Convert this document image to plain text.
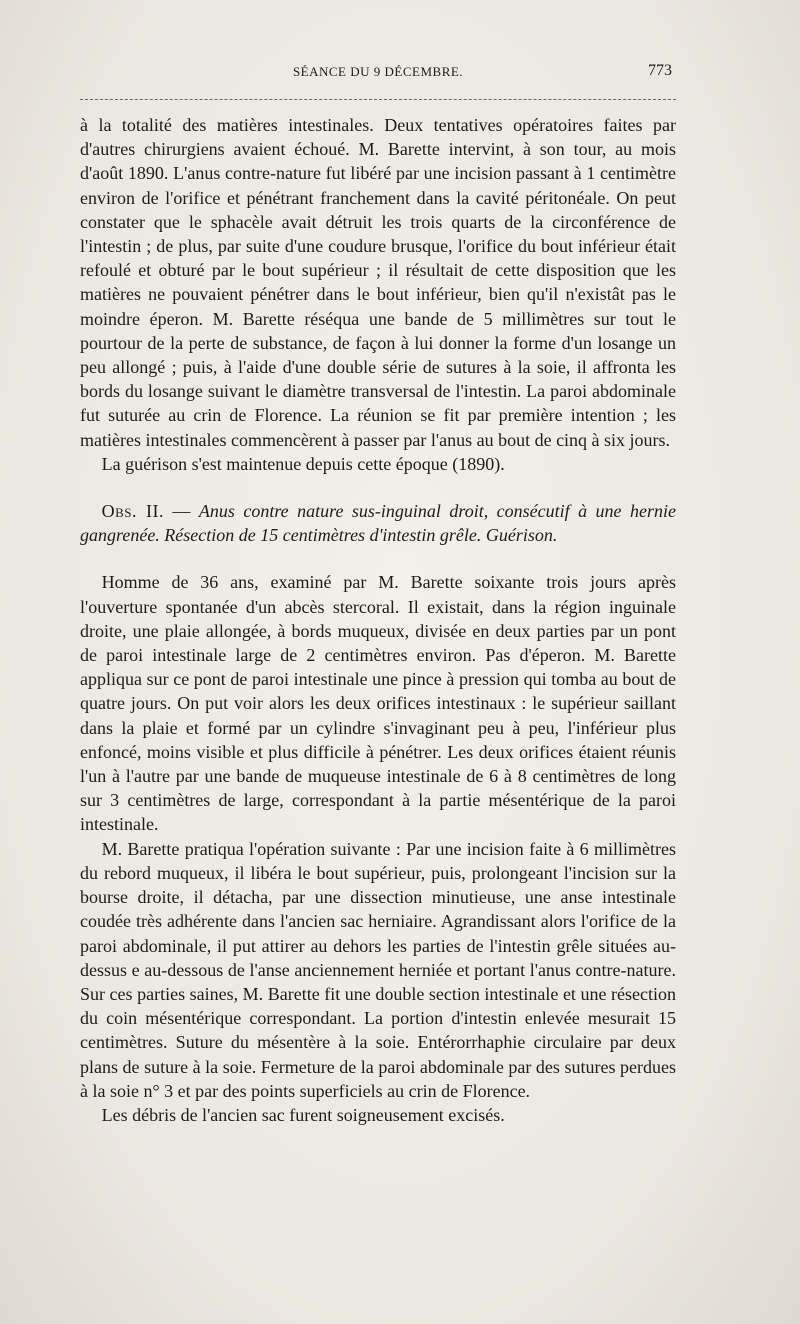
SÉANCE DU 9 DÉCEMBRE.	773

à la totalité des matières intestinales. Deux tentatives opératoires faites par d'autres chirurgiens avaient échoué. M. Barette intervint, à son tour, au mois d'août 1890. L'anus contre-nature fut libéré par une incision passant à 1 centimètre environ de l'orifice et pénétrant franchement dans la cavité péritonéale. On peut constater que le sphacèle avait détruit les trois quarts de la circonférence de l'intestin ; de plus, par suite d'une coudure brusque, l'orifice du bout inférieur était refoulé et obturé par le bout supérieur ; il résultait de cette disposition que les matières ne pouvaient pénétrer dans le bout inférieur, bien qu'il n'existât pas le moindre éperon. M. Barette réséqua une bande de 5 millimètres sur tout le pourtour de la perte de substance, de façon à lui donner la forme d'un losange un peu allongé ; puis, à l'aide d'une double série de sutures à la soie, il affronta les bords du losange suivant le diamètre transversal de l'intestin. La paroi abdominale fut suturée au crin de Florence. La réunion se fit par première intention ; les matières intestinales commencèrent à passer par l'anus au bout de cinq à six jours.

La guérison s'est maintenue depuis cette époque (1890).

Obs. II. — Anus contre nature sus-inguinal droit, consécutif à une hernie gangrenée. Résection de 15 centimètres d'intestin grêle. Guérison.

Homme de 36 ans, examiné par M. Barette soixante trois jours après l'ouverture spontanée d'un abcès stercoral. Il existait, dans la région inguinale droite, une plaie allongée, à bords muqueux, divisée en deux parties par un pont de paroi intestinale large de 2 centimètres environ. Pas d'éperon. M. Barette appliqua sur ce pont de paroi intestinale une pince à pression qui tomba au bout de quatre jours. On put voir alors les deux orifices intestinaux : le supérieur saillant dans la plaie et formé par un cylindre s'invaginant peu à peu, l'inférieur plus enfoncé, moins visible et plus difficile à pénétrer. Les deux orifices étaient réunis l'un à l'autre par une bande de muqueuse intestinale de 6 à 8 centimètres de long sur 3 centimètres de large, correspondant à la partie mésentérique de la paroi intestinale.

M. Barette pratiqua l'opération suivante : Par une incision faite à 6 millimètres du rebord muqueux, il libéra le bout supérieur, puis, prolongeant l'incision sur la bourse droite, il détacha, par une dissection minutieuse, une anse intestinale coudée très adhérente dans l'ancien sac herniaire. Agrandissant alors l'orifice de la paroi abdominale, il put attirer au dehors les parties de l'intestin grêle situées au-dessus e au-dessous de l'anse anciennement herniée et portant l'anus contre-nature. Sur ces parties saines, M. Barette fit une double section intestinale et une résection du coin mésentérique correspondant. La portion d'intestin enlevée mesurait 15 centimètres. Suture du mésentère à la soie. Entérorrhaphie circulaire par deux plans de suture à la soie. Fermeture de la paroi abdominale par des sutures perdues à la soie n° 3 et par des points superficiels au crin de Florence.

Les débris de l'ancien sac furent soigneusement excisés.
